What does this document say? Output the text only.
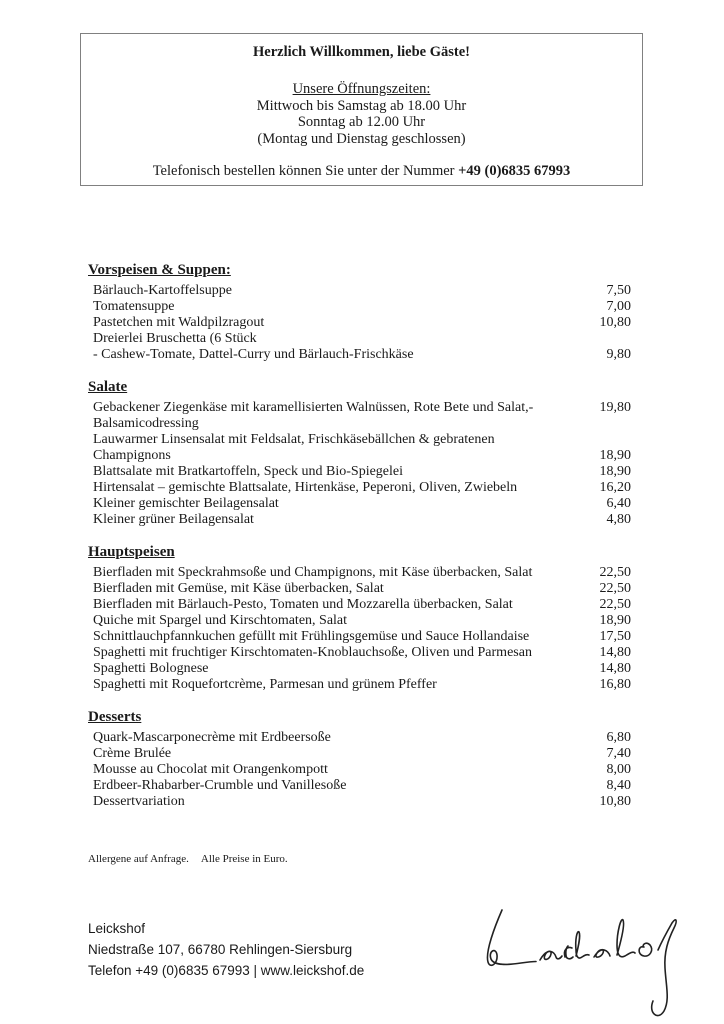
Herzlich Willkommen, liebe Gäste!
Unsere Öffnungszeiten:
Mittwoch bis Samstag ab 18.00 Uhr
Sonntag ab 12.00 Uhr
(Montag und Dienstag geschlossen)
Telefonisch bestellen können Sie unter der Nummer +49 (0)6835 67993
Vorspeisen & Suppen:
Bärlauch-Kartoffelsuppe	7,50
Tomatensuppe	7,00
Pastetchen mit Waldpilzragout	10,80
Dreierlei Bruschetta (6 Stück
- Cashew-Tomate, Dattel-Curry und Bärlauch-Frischkäse	9,80
Salate
Gebackener Ziegenkäse mit karamellisierten Walnüssen, Rote Bete und Salat,-	19,80
Balsamicodressing
Lauwarmer Linsensalat mit Feldsalat, Frischkäsebällchen & gebratenen
Champignons	18,90
Blattsalate mit Bratkartoffeln, Speck und Bio-Spiegelei	18,90
Hirtensalat – gemischte Blattsalate, Hirtenkäse, Peperoni, Oliven, Zwiebeln	16,20
Kleiner gemischter Beilagensalat	6,40
Kleiner grüner Beilagensalat	4,80
Hauptspeisen
Bierfladen mit Speckrahmsoße und Champignons, mit Käse überbacken, Salat	22,50
Bierfladen mit Gemüse, mit Käse überbacken, Salat	22,50
Bierfladen mit Bärlauch-Pesto, Tomaten und Mozzarella überbacken, Salat	22,50
Quiche mit Spargel und Kirschtomaten, Salat	18,90
Schnittlauchpfannkuchen gefüllt mit Frühlingsgemüse und Sauce Hollandaise	17,50
Spaghetti mit fruchtiger Kirschtomaten-Knoblauchsoße, Oliven und Parmesan	14,80
Spaghetti Bolognese	14,80
Spaghetti mit Roquefortcrème, Parmesan und grünem Pfeffer	16,80
Desserts
Quark-Mascarponecrème mit Erdbeersoße	6,80
Crème Brulée	7,40
Mousse au Chocolat mit Orangenkompott	8,00
Erdbeer-Rhabarber-Crumble und Vanillesoße	8,40
Dessertvariation	10,80
Allergene auf Anfrage. Alle Preise in Euro.
Leickshof
Niedstraße 107, 66780 Rehlingen-Siersburg
Telefon +49 (0)6835 67993 | www.leickshof.de
